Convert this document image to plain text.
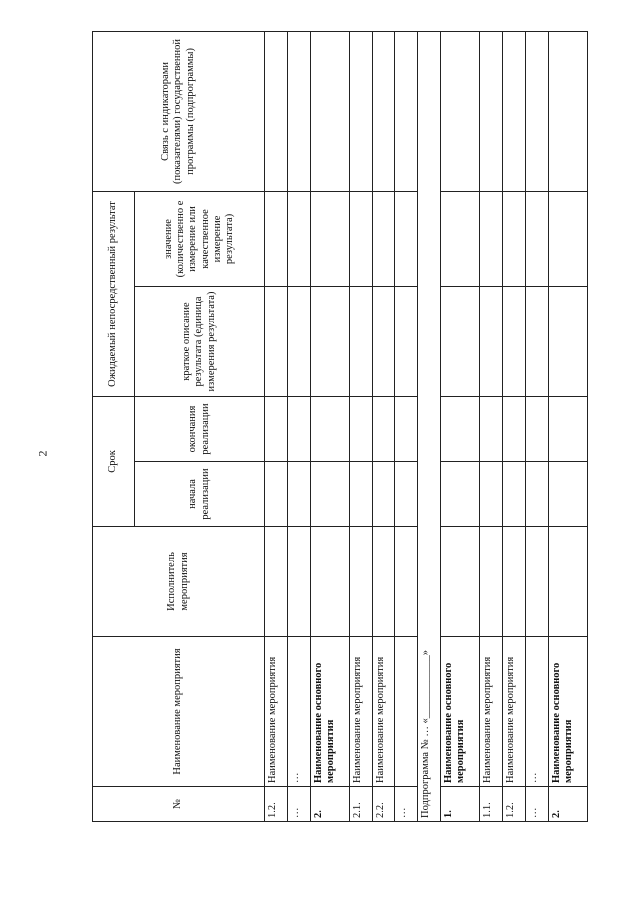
2
№	Наименование мероприятия	Исполнитель мероприятия	Срок		Ожидаемый непосредственный результат		Связь с индикаторами (показателями) государственной программы (подпрограммы)
			начала реализации	окончания реализации	краткое описание результата (единица измерения результата)	значение (количественно е измерение или качественное измерение результата)	
1.2.	Наименование мероприятия						
…	…						
2.	Наименование основного мероприятия						
2.1.	Наименование мероприятия						
2.2.	Наименование мероприятия						
…							
Подпрограмма № … «____________»							
1.	Наименование основного мероприятия						
1.1.	Наименование мероприятия						
1.2.	Наименование мероприятия						
…	…						
2.	Наименование основного мероприятия						
